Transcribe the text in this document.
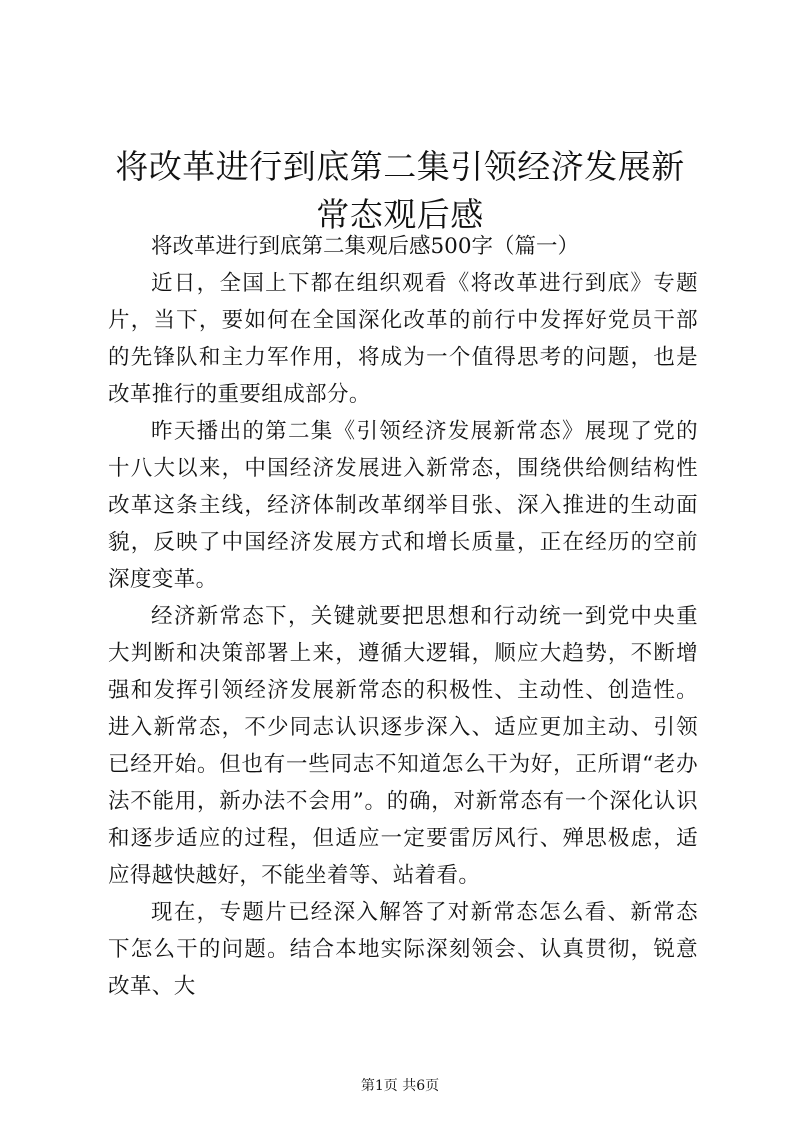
将改革进行到底第二集引领经济发展新常态观后感

将改革进行到底第二集观后感500字（篇一）

近日，全国上下都在组织观看《将改革进行到底》专题片，当下，要如何在全国深化改革的前行中发挥好党员干部的先锋队和主力军作用，将成为一个值得思考的问题，也是改革推行的重要组成部分。

昨天播出的第二集《引领经济发展新常态》展现了党的十八大以来，中国经济发展进入新常态，围绕供给侧结构性改革这条主线，经济体制改革纲举目张、深入推进的生动面貌，反映了中国经济发展方式和增长质量，正在经历的空前深度变革。

经济新常态下，关键就要把思想和行动统一到党中央重大判断和决策部署上来，遵循大逻辑，顺应大趋势，不断增强和发挥引领经济发展新常态的积极性、主动性、创造性。进入新常态，不少同志认识逐步深入、适应更加主动、引领已经开始。但也有一些同志不知道怎么干为好，正所谓“老办法不能用，新办法不会用”。的确，对新常态有一个深化认识和逐步适应的过程，但适应一定要雷厉风行、殚思极虑，适应得越快越好，不能坐着等、站着看。

现在，专题片已经深入解答了对新常态怎么看、新常态下怎么干的问题。结合本地实际深刻领会、认真贯彻，锐意改革、大

第1页 共6页
